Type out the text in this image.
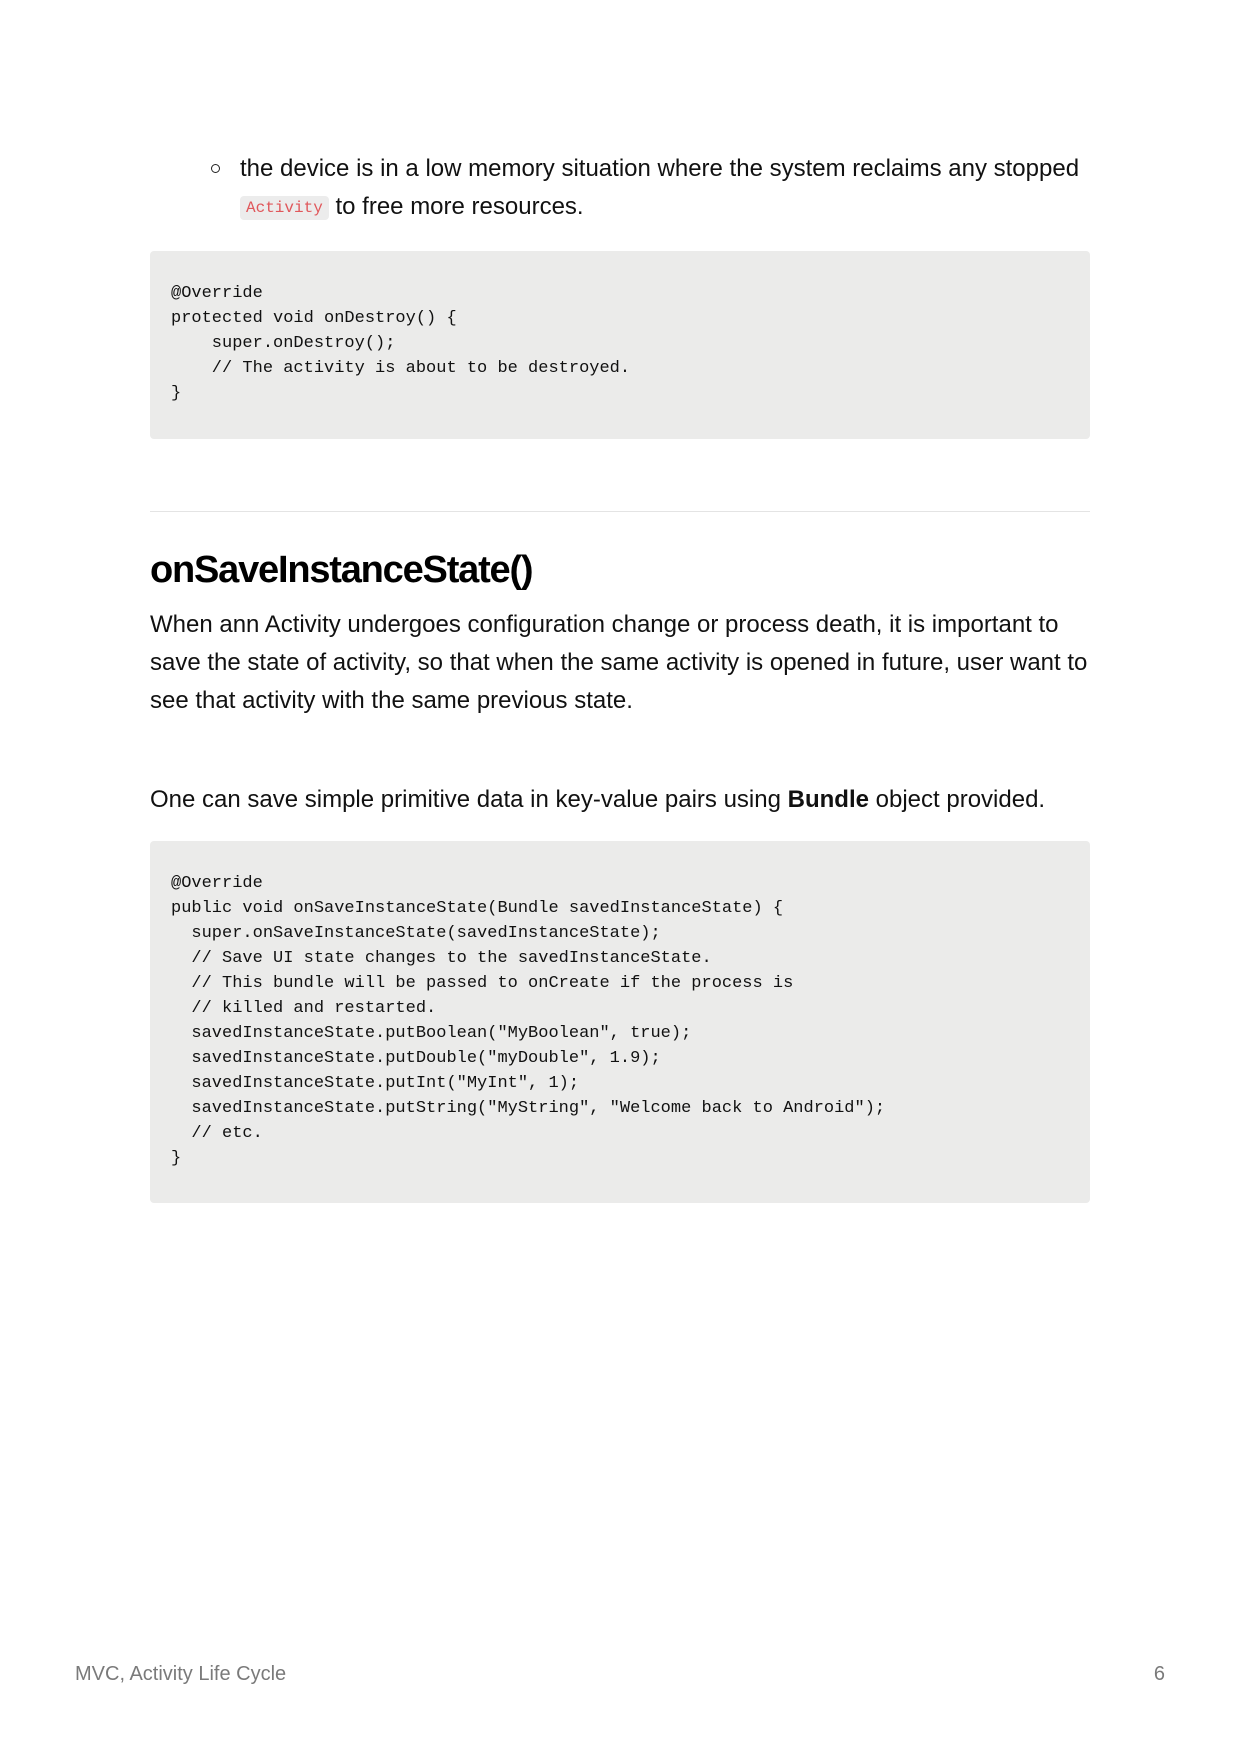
the device is in a low memory situation where the system reclaims any stopped Activity to free more resources.
@Override
protected void onDestroy() {
super.onDestroy();
// The activity is about to be destroyed.
}
onSaveInstanceState()

When ann Activity undergoes configuration change or process death, it is important to save the state of activity, so that when the same activity is opened in future, user want to see that activity with the same previous state.

One can save simple primitive data in key-value pairs using Bundle object provided.

@Override
public void onSaveInstanceState(Bundle savedInstanceState) {
super.onSaveInstanceState(savedInstanceState);
// Save UI state changes to the savedInstanceState.
// This bundle will be passed to onCreate if the process is
// killed and restarted.
savedInstanceState.putBoolean("MyBoolean", true);
savedInstanceState.putDouble("myDouble", 1.9);
savedInstanceState.putInt("MyInt", 1);
savedInstanceState.putString("MyString", "Welcome back to Android");
// etc.
}
MVC, Activity Life Cycle	6
